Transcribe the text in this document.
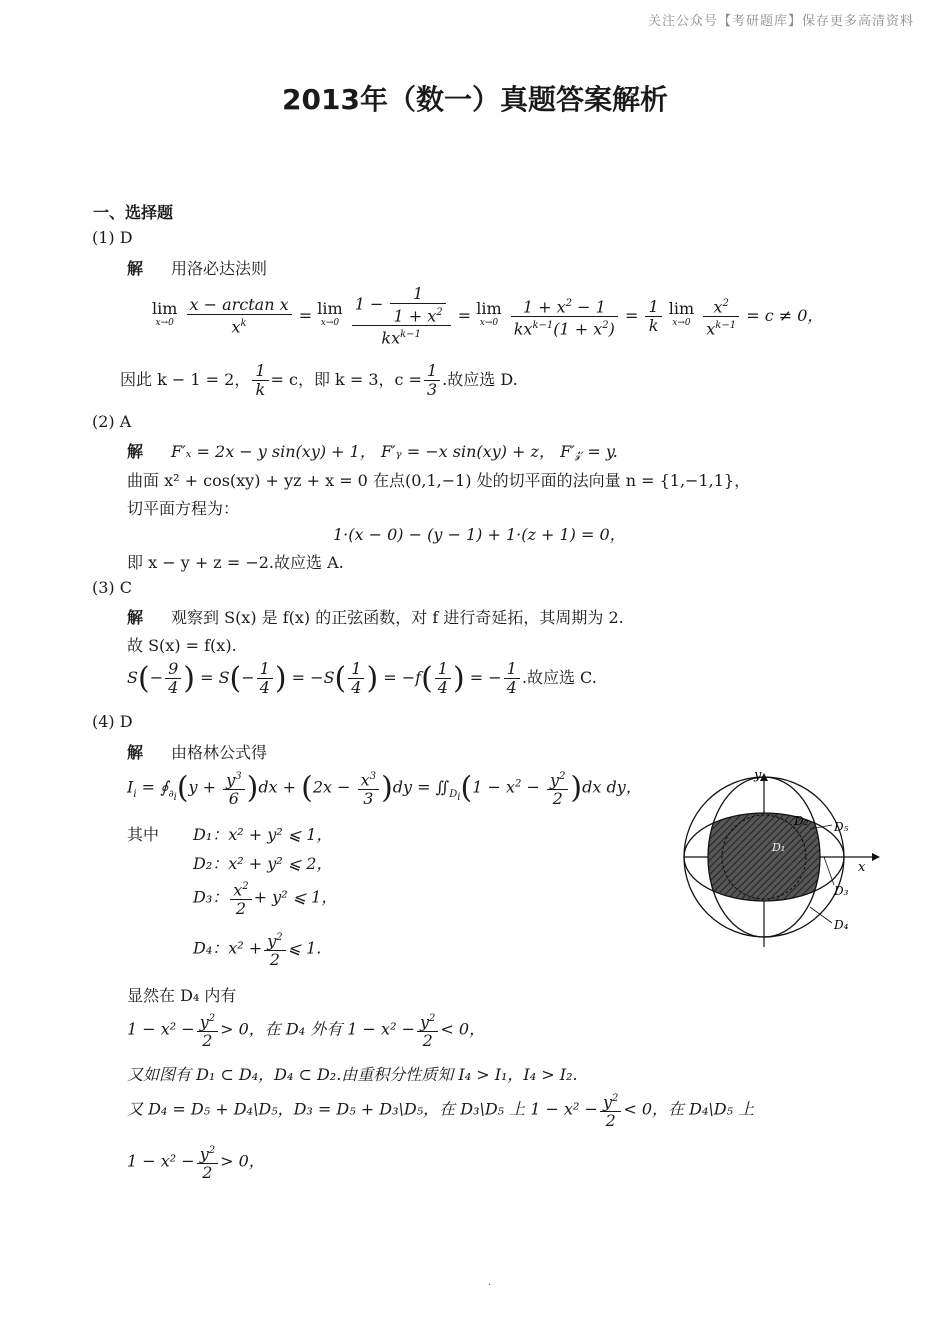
关注公众号【考研题库】保存更多高清资料
2013年（数一）真题答案解析
一、选择题
(1) D
解 用洛必达法则
lim
x→0
$\frac{\text{x − arctan x}}{x^k} = \lim$
x→0
$\frac{1 - \frac{1}{1 + x^2}}{kx^{k-1}} = \lim$
x→0
$\frac{1 + x^2 - 1}{kx^{k-1}(1 + x^2)} = \frac{1}{k}$ lim
x→0
$\frac{x^2}{x^{k-1}} = c \ne 0$，
因此 k − 1 = 2， $\frac{1}{k} = c$，即 k = 3，$c = \frac{1}{3}$ .故应选 D.
(2) A
解 F′ₓ = 2x − y sin(xy) + 1， F′ᵧ = −x sin(xy) + z， F′𝓏 = y.
曲面 x² + cos(xy) + yz + x = 0 在点(0,1,−1) 处的切平面的法向量 n = {1,−1,1}，
切平面方程为：
1·(x − 0) − (y − 1) + 1·(z + 1) = 0，
即 x − y + z = −2.故应选 A.
(3) C
解 观察到 S(x) 是 f(x) 的正弦函数，对 f 进行奇延拓，其周期为 2.
故 S(x) = f(x).
$S(- \frac{9}{4}$ ) = $S(- \frac{1}{4}$ ) = $-S( \frac{1}{4}$ ) = $-f( \frac{1}{4}$ ) = − $\frac{1}{4}$ .故应选 C.
(4) D
解 由格林公式得
$I_i$ = $∮_{\partial_i}(y + \frac{y^3}{6} )dx + (2x - \frac{x^3}{3} )dy$ = $∬_{D_i}(1 - x^2 - \frac{y^2}{2} )dx$ dy，
其中 D₁：x² + y² ⩽ 1，
D₂：x² + y² ⩽ 2，
D₃： $\frac{x^2}{2} + y^2$ ⩽ 1，
D₄：$x^2 + \frac{y^2}{2}$ ⩽ 1.
显然在 D₄ 内有
$1 - x^2 - \frac{y^2}{2} > 0$，在 D₄ 外有 $1 - x^2 - \frac{y^2}{2} < 0$，
又如图有 D₁ ⊂ D₄，D₄ ⊂ D₂.由重积分性质知 I₄ > I₁，I₄ > I₂.
又 D₄ = D₅ + D₄\D₅，D₃ = D₅ + D₃\D₅，在 D₃\D₅ 上 $1 - x^2 - \frac{y^2}{2} < 0$，在 D₄\D₅ 上
$1 - x^2 - \frac{y^2}{2} > 0$，
x
y
D₁
D₂
D₃
D₄
D₅
·
